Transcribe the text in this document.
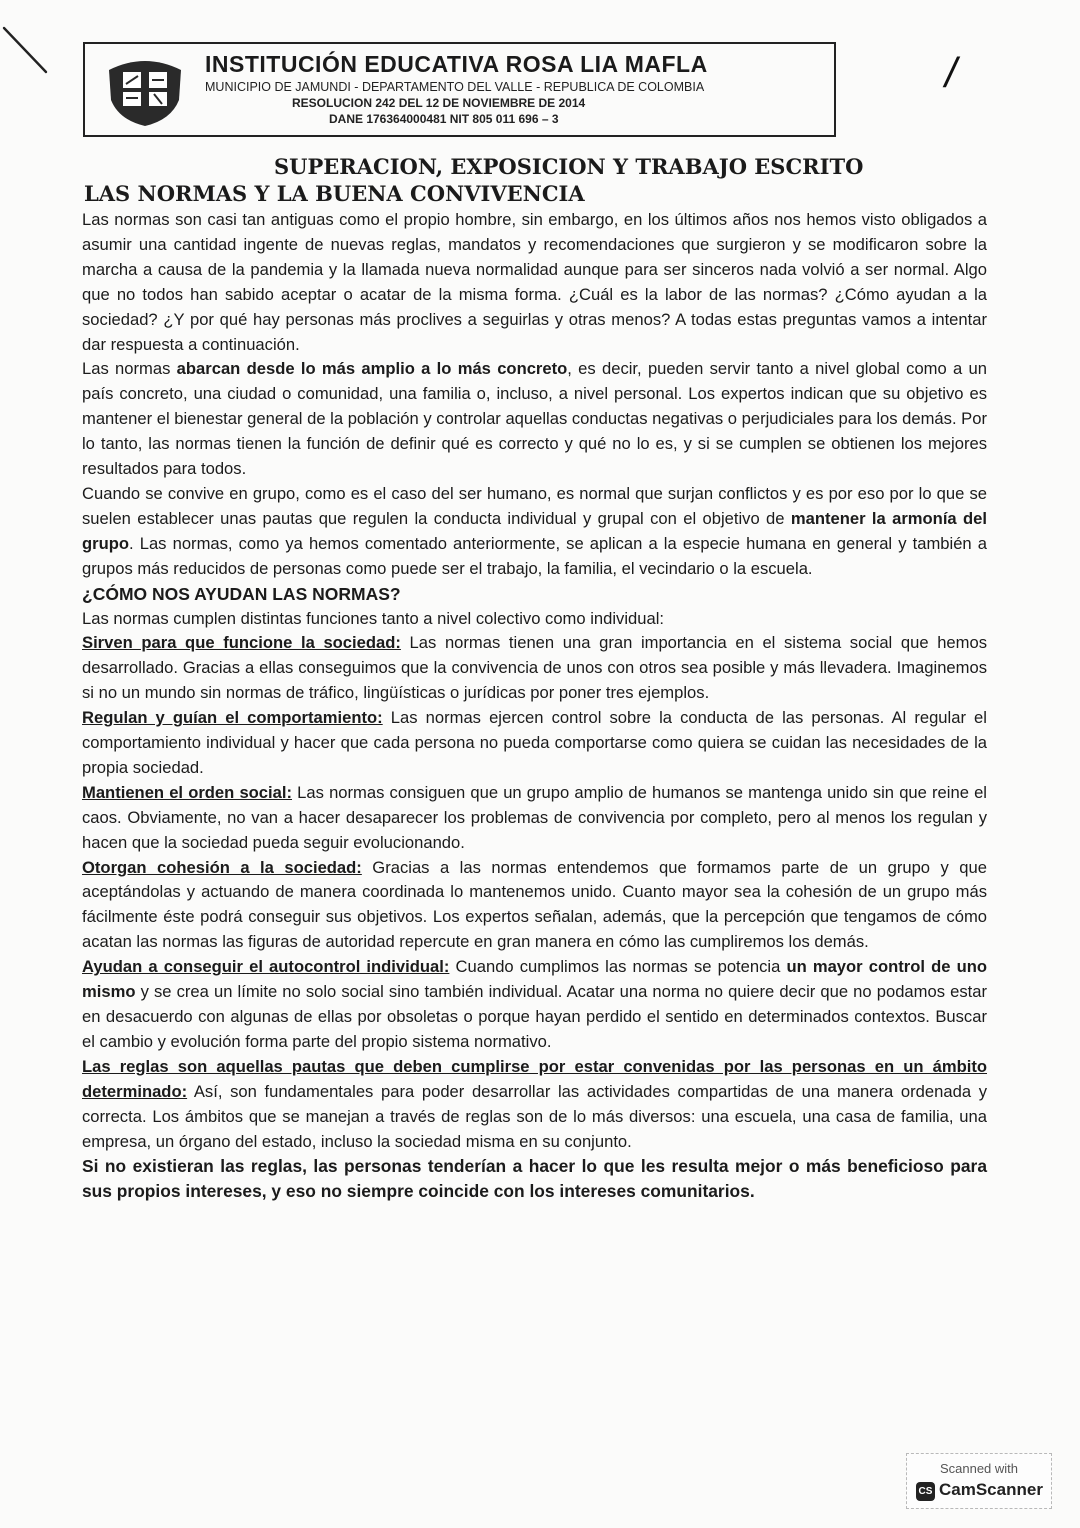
/
INSTITUCIÓN EDUCATIVA ROSA LIA MAFLA
MUNICIPIO DE JAMUNDI - DEPARTAMENTO DEL VALLE - REPUBLICA DE COLOMBIA
RESOLUCION 242 DEL 12 DE NOVIEMBRE DE 2014
DANE 176364000481 NIT 805 011 696 – 3
SUPERACION, EXPOSICION Y TRABAJO ESCRITO
LAS NORMAS Y LA BUENA CONVIVENCIA

Las normas son casi tan antiguas como el propio hombre, sin embargo, en los últimos años nos hemos visto obligados a asumir una cantidad ingente de nuevas reglas, mandatos y recomendaciones que surgieron y se modificaron sobre la marcha a causa de la pandemia y la llamada nueva normalidad aunque para ser sinceros nada volvió a ser normal. Algo que no todos han sabido aceptar o acatar de la misma forma. ¿Cuál es la labor de las normas? ¿Cómo ayudan a la sociedad? ¿Y por qué hay personas más proclives a seguirlas y otras menos? A todas estas preguntas vamos a intentar dar respuesta a continuación.

Las normas abarcan desde lo más amplio a lo más concreto, es decir, pueden servir tanto a nivel global como a un país concreto, una ciudad o comunidad, una familia o, incluso, a nivel personal. Los expertos indican que su objetivo es mantener el bienestar general de la población y controlar aquellas conductas negativas o perjudiciales para los demás. Por lo tanto, las normas tienen la función de definir qué es correcto y qué no lo es, y si se cumplen se obtienen los mejores resultados para todos.

Cuando se convive en grupo, como es el caso del ser humano, es normal que surjan conflictos y es por eso por lo que se suelen establecer unas pautas que regulen la conducta individual y grupal con el objetivo de mantener la armonía del grupo. Las normas, como ya hemos comentado anteriormente, se aplican a la especie humana en general y también a grupos más reducidos de personas como puede ser el trabajo, la familia, el vecindario o la escuela.

¿CÓMO NOS AYUDAN LAS NORMAS?

Las normas cumplen distintas funciones tanto a nivel colectivo como individual:

Sirven para que funcione la sociedad: Las normas tienen una gran importancia en el sistema social que hemos desarrollado. Gracias a ellas conseguimos que la convivencia de unos con otros sea posible y más llevadera. Imaginemos si no un mundo sin normas de tráfico, lingüísticas o jurídicas por poner tres ejemplos.

Regulan y guían el comportamiento: Las normas ejercen control sobre la conducta de las personas. Al regular el comportamiento individual y hacer que cada persona no pueda comportarse como quiera se cuidan las necesidades de la propia sociedad.

Mantienen el orden social: Las normas consiguen que un grupo amplio de humanos se mantenga unido sin que reine el caos. Obviamente, no van a hacer desaparecer los problemas de convivencia por completo, pero al menos los regulan y hacen que la sociedad pueda seguir evolucionando.

Otorgan cohesión a la sociedad: Gracias a las normas entendemos que formamos parte de un grupo y que aceptándolas y actuando de manera coordinada lo mantenemos unido. Cuanto mayor sea la cohesión de un grupo más fácilmente éste podrá conseguir sus objetivos. Los expertos señalan, además, que la percepción que tengamos de cómo acatan las normas las figuras de autoridad repercute en gran manera en cómo las cumpliremos los demás.

Ayudan a conseguir el autocontrol individual: Cuando cumplimos las normas se potencia un mayor control de uno mismo y se crea un límite no solo social sino también individual. Acatar una norma no quiere decir que no podamos estar en desacuerdo con algunas de ellas por obsoletas o porque hayan perdido el sentido en determinados contextos. Buscar el cambio y evolución forma parte del propio sistema normativo.

Las reglas son aquellas pautas que deben cumplirse por estar convenidas por las personas en un ámbito determinado: Así, son fundamentales para poder desarrollar las actividades compartidas de una manera ordenada y correcta. Los ámbitos que se manejan a través de reglas son de lo más diversos: una escuela, una casa de familia, una empresa, un órgano del estado, incluso la sociedad misma en su conjunto.

Si no existieran las reglas, las personas tenderían a hacer lo que les resulta mejor o más beneficioso para sus propios intereses, y eso no siempre coincide con los intereses comunitarios.

Scanned with
CS CamScanner
